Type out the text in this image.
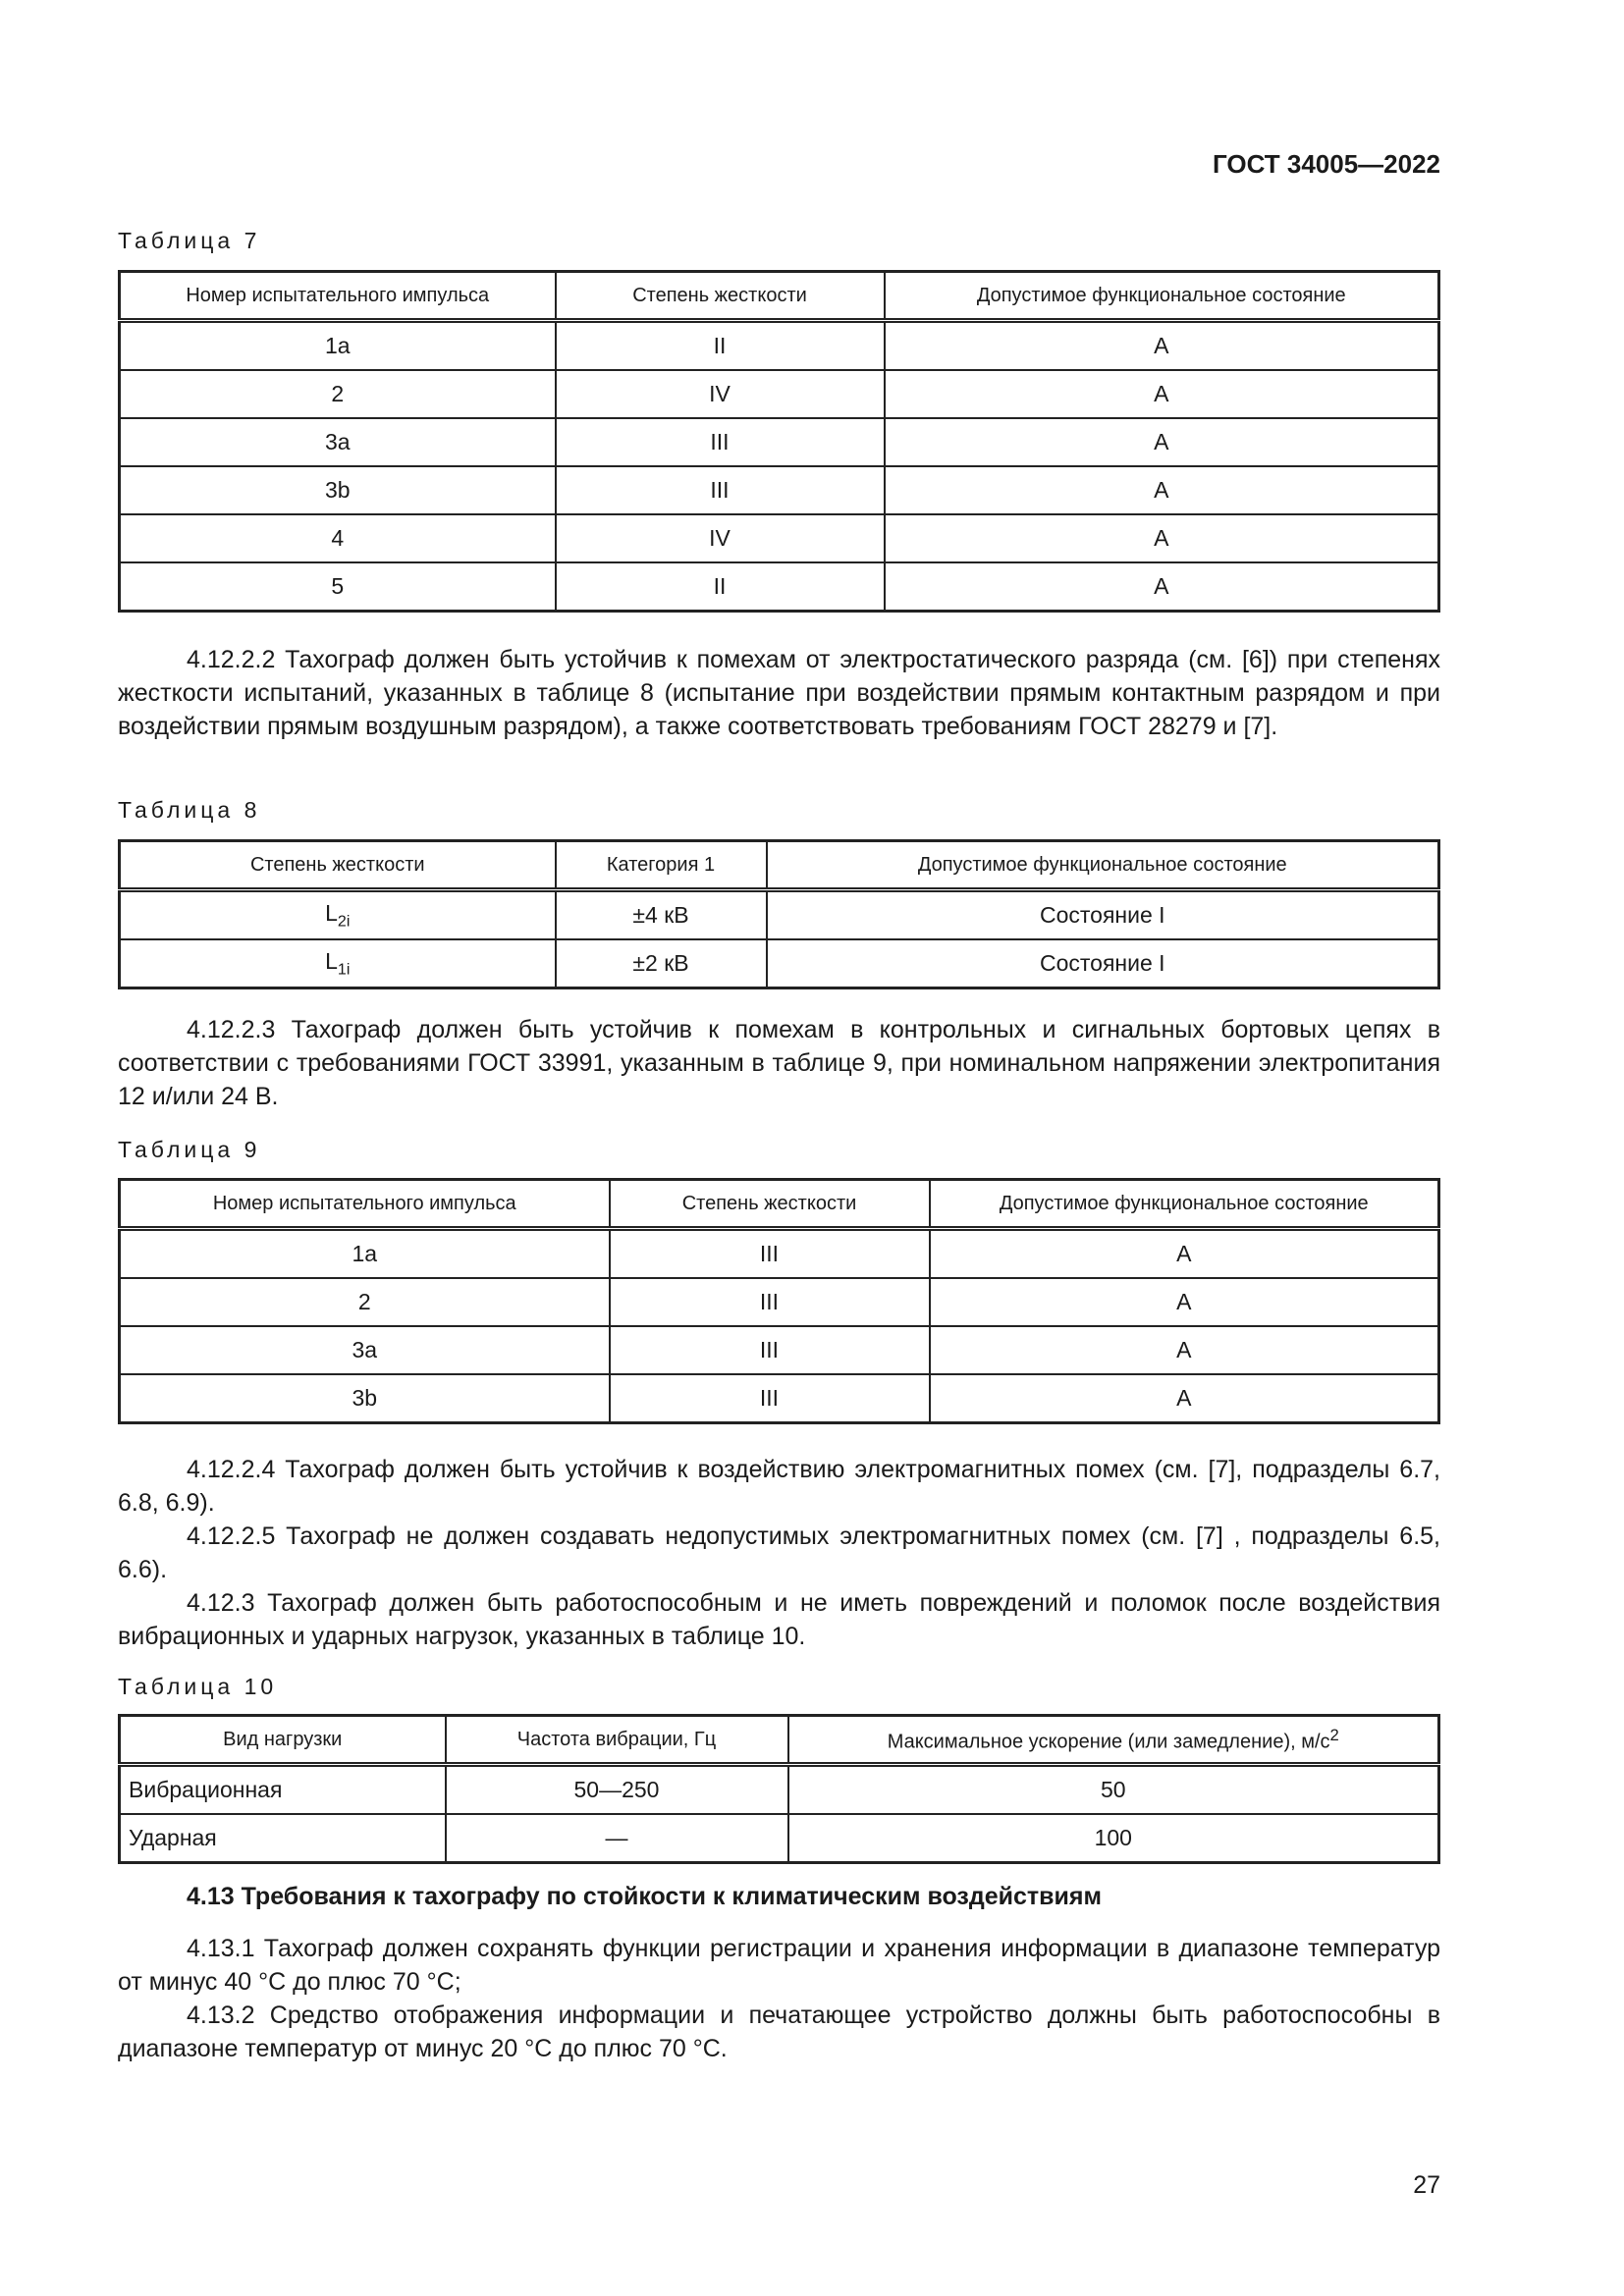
ГОСТ 34005—2022
Таблица 7
Номер испытательного импульса	Степень жесткости	Допустимое функциональное состояние
1a	II	A
2	IV	A
3a	III	A
3b	III	A
4	IV	A
5	II	A

4.12.2.2 Тахограф должен быть устойчив к помехам от электростатического разряда (см. [6]) при степенях жесткости испытаний, указанных в таблице 8 (испытание при воздействии прямым контактным разрядом и при воздействии прямым воздушным разрядом), а также соответствовать требованиям ГОСТ 28279 и [7].

Таблица 8
Степень жесткости	Категория 1	Допустимое функциональное состояние
$L_{2i}$	±4 кВ	Состояние I
$L_{1i}$	±2 кВ	Состояние I

4.12.2.3 Тахограф должен быть устойчив к помехам в контрольных и сигнальных бортовых цепях в соответствии с требованиями ГОСТ 33991, указанным в таблице 9, при номинальном напряжении электропитания 12 и/или 24 В.

Таблица 9
Номер испытательного импульса	Степень жесткости	Допустимое функциональное состояние
1a	III	A
2	III	A
3a	III	A
3b	III	A

4.12.2.4 Тахограф должен быть устойчив к воздействию электромагнитных помех (см. [7], подразделы 6.7, 6.8, 6.9).

4.12.2.5 Тахограф не должен создавать недопустимых электромагнитных помех (см. [7] , подразделы 6.5, 6.6).

4.12.3 Тахограф должен быть работоспособным и не иметь повреждений и поломок после воздействия вибрационных и ударных нагрузок, указанных в таблице 10.

Таблица 10
Вид нагрузки	Частота вибрации, Гц	Максимальное ускорение (или замедление), $м/с^2$
Вибрационная	50—250	50
Ударная	—	100
4.13 Требования к тахографу по стойкости к климатическим воздействиям

4.13.1 Тахограф должен сохранять функции регистрации и хранения информации в диапазоне температур от минус 40 °С до плюс 70 °С;

4.13.2 Средство отображения информации и печатающее устройство должны быть работоспособны в диапазоне температур от минус 20 °С до плюс 70 °С.

27
